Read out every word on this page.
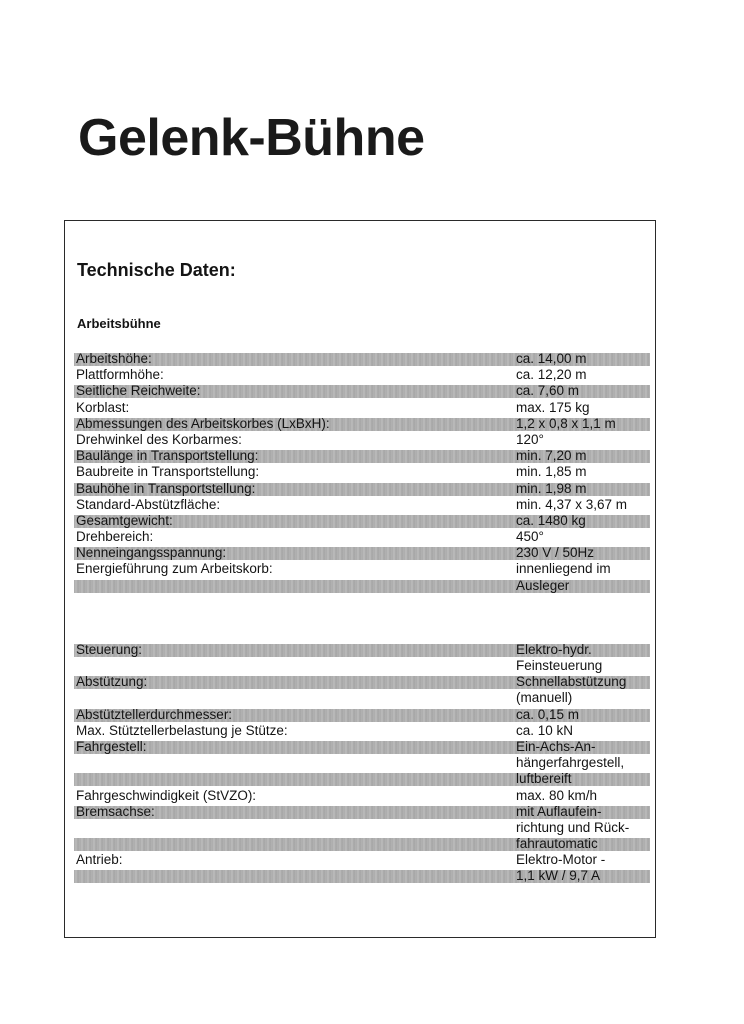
Gelenk-Bühne
Technische Daten:
Arbeitsbühne
Arbeitshöhe:	ca. 14,00 m
Plattformhöhe:	ca. 12,20 m
Seitliche Reichweite:	ca. 7,60 m
Korblast:	max. 175 kg
Abmessungen des Arbeitskorbes (LxBxH):	1,2 x 0,8 x 1,1 m
Drehwinkel des Korbarmes:	120°
Baulänge in Transportstellung:	min. 7,20 m
Baubreite in Transportstellung:	min. 1,85 m
Bauhöhe in Transportstellung:	min. 1,98 m
Standard-Abstützfläche:	min. 4,37 x 3,67 m
Gesamtgewicht:	ca. 1480 kg
Drehbereich:	450°
Nenneingangsspannung:	230 V / 50Hz
Energieführung zum Arbeitskorb:	innenliegend im
Ausleger
Steuerung:	Elektro-hydr.
Feinsteuerung
Abstützung:	Schnellabstützung
(manuell)
Abstütztellerdurchmesser:	ca. 0,15 m
Max. Stütztellerbelastung je Stütze:	ca. 10 kN
Fahrgestell:	Ein-Achs-An-
hängerfahrgestell,
luftbereift
Fahrgeschwindigkeit (StVZO):	max. 80 km/h
Bremsachse:	mit Auflaufein-
richtung und Rück-
fahrautomatic
Antrieb:	Elektro-Motor -
1,1 kW / 9,7 A
